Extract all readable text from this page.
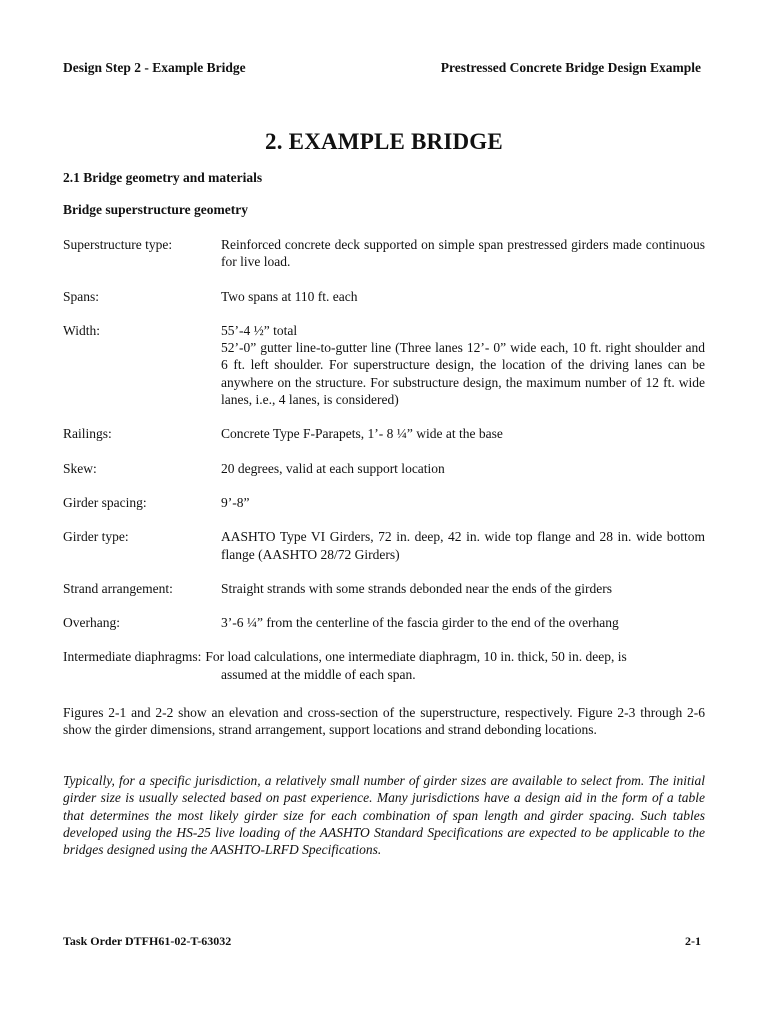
Design Step 2 - Example Bridge	Prestressed Concrete Bridge Design Example
2. EXAMPLE BRIDGE
2.1 Bridge geometry and materials
Bridge superstructure geometry
Superstructure type:	Reinforced concrete deck supported on simple span prestressed girders made continuous for live load.
Spans:	Two spans at 110 ft. each
Width:	55’-4 ½” total
52’-0” gutter line-to-gutter line (Three lanes 12’- 0” wide each, 10 ft. right shoulder and 6 ft. left shoulder. For superstructure design, the location of the driving lanes can be anywhere on the structure. For substructure design, the maximum number of 12 ft. wide lanes, i.e., 4 lanes, is considered)
Railings:	Concrete Type F-Parapets, 1’- 8 ¼” wide at the base
Skew:	20 degrees, valid at each support location
Girder spacing:	9’-8”
Girder type:	AASHTO Type VI Girders, 72 in. deep, 42 in. wide top flange and 28 in. wide bottom flange (AASHTO 28/72 Girders)
Strand arrangement:	Straight strands with some strands debonded near the ends of the girders
Overhang:	3’-6 ¼” from the centerline of the fascia girder to the end of the overhang
Intermediate diaphragms: For load calculations, one intermediate diaphragm, 10 in. thick, 50 in. deep, is
assumed at the middle of each span.
Figures 2-1 and 2-2 show an elevation and cross-section of the superstructure, respectively. Figure 2-3 through 2-6 show the girder dimensions, strand arrangement, support locations and strand debonding locations.
Typically, for a specific jurisdiction, a relatively small number of girder sizes are available to select from. The initial girder size is usually selected based on past experience. Many jurisdictions have a design aid in the form of a table that determines the most likely girder size for each combination of span length and girder spacing. Such tables developed using the HS-25 live loading of the AASHTO Standard Specifications are expected to be applicable to the bridges designed using the AASHTO-LRFD Specifications.
Task Order DTFH61-02-T-63032	2-1
